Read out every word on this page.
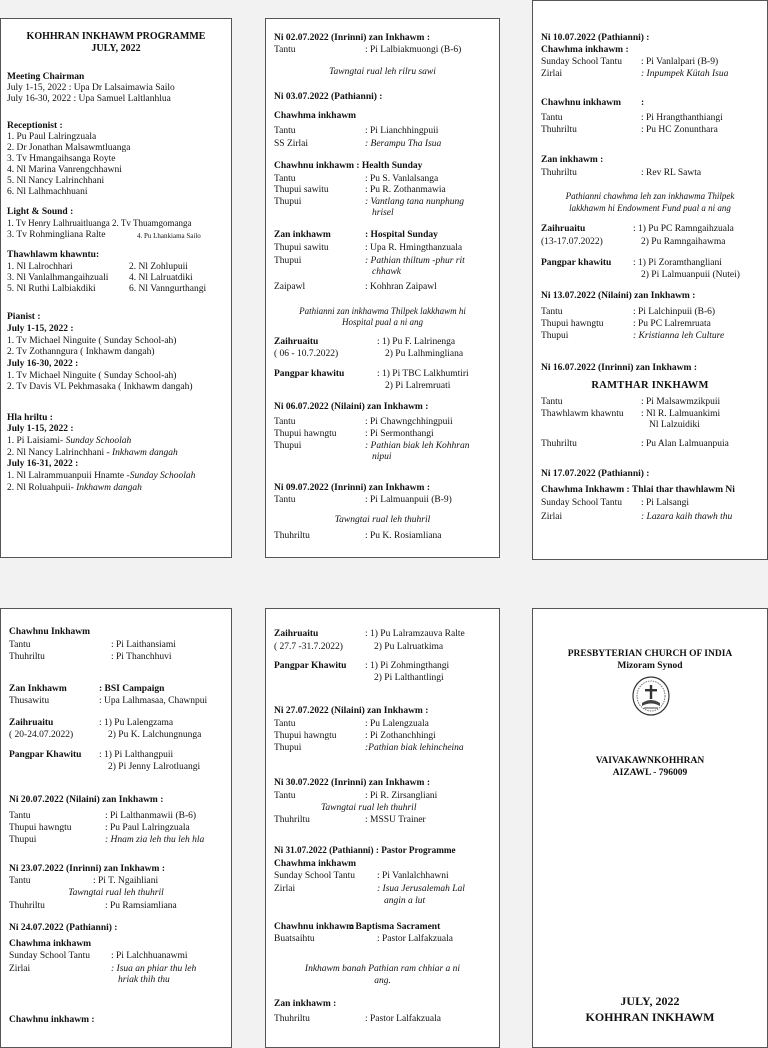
KOHHRAN INKHAWM PROGRAMME
JULY, 2022
Meeting Chairman
July 1-15, 2022 : Upa Dr Lalsaimawia Sailo
July 16-30, 2022 : Upa Samuel Laltlanhlua
Receptionist :
1. Pu Paul Lalringzuala
2. Dr Jonathan Malsawmtluanga
3. Tv Hmangaihsanga Royte
4. Nl Marina Vanrengchhawni
5. Nl Nancy Lalrinchhani
6. Nl Lalhmachhuani
Light & Sound :
1. Tv Henry Lalhruaitluanga 2. Tv Thuamgomanga
3. Tv Rohmingliana Ralte	4. Pu Lhankiama Sailo
Thawhlawm khawntu:
1. Nl Lalrochhari	2. Nl Zohlupuii
3. Nl Vanlalhmangaihzuali 4. Nl Lalruatdiki
5. Nl Ruthi Lalbiakdiki	6. Nl Vanngurthangi
Pianist :
July 1-15, 2022 :
1. Tv Michael Ninguite ( Sunday School-ah)
2. Tv Zothanngura ( Inkhawm dangah)
July 16-30, 2022 :
1. Tv Michael Ninguite ( Sunday School-ah)
2. Tv Davis VL Pekhmasaka ( Inkhawm dangah)
Hla hriltu :
July 1-15, 2022 :
1. Pi Laisiami- Sunday Schoolah
2. Nl Nancy Lalrinchhani - Inkhawm dangah
July 16-31, 2022 :
1. Nl Lalrammuanpuii Hnamte -Sunday Schoolah
2. Nl Roluahpuii- Inkhawm dangah
Ni 02.07.2022 (Inrinni) zan Inkhawm :
Tantu	: Pi Lalbiakmuongi (B-6)
Tawngtai rual leh rilru sawi
Ni 03.07.2022 (Pathianni) :
Chawhma inkhawm
Tantu	: Pi Lianchhingpuii
SS Zirlai	: Berampu Tha Isua
Chawhnu inkhawm : Health Sunday
Tantu	: Pu S. Vanlalsanga
Thupui sawitu	: Pu R. Zothanmawia
Thupui	: Vantlang tana nunphung
hrisel
Zan inkhawm	: Hospital Sunday
Thupui sawitu	: Upa R. Hmingthanzuala
Thupui	: Pathian thiltum -phur rit
chhawk
Zaipawl	: Kohhran Zaipawl
Pathianni zan inkhawma Thilpek lakkhawm hi
Hospital pual a ni ang
Zaihruaitu	: 1) Pu F. Lalrinenga
( 06 - 10.7.2022)	2) Pu Lalhmingliana
Pangpar khawitu	: 1) Pi TBC Lalkhumtiri
2) Pi Lalremruati
Ni 06.07.2022 (Nilaini) zan Inkhawm :
Tantu	: Pi Chawngchhingpuii
Thupui hawngtu	: Pi Sermonthangi
Thupui	: Pathian biak leh Kohhran
nipui
Ni 09.07.2022 (Inrinni) zan Inkhawm :
Tantu	: Pi Lalmuanpuii (B-9)
Tawngtai rual leh thuhril
Thuhriltu	: Pu K. Rosiamliana
Ni 10.07.2022 (Pathianni) :
Chawhma inkhawm :
Sunday School Tantu : Pi Vanlalpari (B-9)
Zirlai	: Inpumpek Kütah Isua
Chawhnu inkhawm :
Tantu	: Pi Hrangthanthiangi
Thuhriltu	: Pu HC Zonunthara
Zan inkhawm :
Thuhriltu	: Rev RL Sawta
Pathianni chawhma leh zan inkhawma Thilpek
lakkhawm hi Endowment Fund pual a ni ang
Zaihruaitu	: 1) Pu PC Ramngaihzuala
(13-17.07.2022)	2) Pu Ramngaihawma
Pangpar khawitu : 1) Pi Zoramthangliani
2) Pi Lalmuanpuii (Nutei)
Ni 13.07.2022 (Nilaini) zan Inkhawm :
Tantu	: Pi Lalchinpuii (B-6)
Thupui hawngtu	: Pu PC Lalremruata
Thupui	: Kristianna leh Culture
Ni 16.07.2022 (Inrinni) zan Inkhawm :
RAMTHAR INKHAWM
Tantu	: Pi Malsawmzikpuii
Thawhlawm khawntu : Nl R. Lalmuankimi
Nl Lalzuidiki
Thuhriltu	: Pu Alan Lalmuanpuia
Ni 17.07.2022 (Pathianni) :
Chawhma Inkhawm : Thlai thar thawhlawm Ni
Sunday School Tantu : Pi Lalsangi
Zirlai	: Lazara kaih thawh thu
Chawhnu Inkhawm
Tantu	: Pi Laithansiami
Thuhriltu	: Pi Thanchhuvi
Zan Inkhawm	: BSI Campaign
Thusawitu	: Upa Lalhmasaa, Chawnpui
Zaihruaitu	: 1) Pu Lalengzama
( 20-24.07.2022)	2) Pu K. Lalchungnunga
Pangpar Khawitu : 1) Pi Lalthangpuii
2) Pi Jenny Lalrotluangi
Ni 20.07.2022 (Nilaini) zan Inkhawm :
Tantu	: Pi Lalthanmawii (B-6)
Thupui hawngtu	: Pu Paul Lalringzuala
Thupui	: Hnam zia leh thu leh hla
Ni 23.07.2022 (Inrinni) zan Inkhawm :
Tantu	: Pi T. Ngaihliani
Tawngtai rual leh thuhril
Thuhriltu	: Pu Ramsiamliana
Ni 24.07.2022 (Pathianni) :
Chawhma inkhawm
Sunday School Tantu : Pi Lalchhuanawmi
Zirlai	: Isua an phiar thu leh
hriak thih thu
Chawhnu inkhawm :
Zaihruaitu	: 1) Pu Lalramzauva Ralte
( 27.7 -31.7.2022)	2) Pu Lalruatkima
Pangpar Khawitu : 1) Pi Zohmingthangi
2) Pi Lalthantlingi
Ni 27.07.2022 (Nilaini) zan Inkhawm :
Tantu	: Pu Lalengzuala
Thupui hawngtu	: Pi Zothanchhingi
Thupui	:Pathian biak lehincheina
Ni 30.07.2022 (Inrinni) zan Inkhawm :
Tantu	: Pi R. Zirsangliani
Tawngtai rual leh thuhril
Thuhriltu	: MSSU Trainer
Ni 31.07.2022 (Pathianni) : Pastor Programme
Chawhma inkhawm
Sunday School Tantu : Pi Vanlalchhawni
Zirlai	: Isua Jerusalemah Lal
angin a lut
Chawhnu inkhawm
: Baptisma Sacrament
Buatsaihtu	: Pastor Lalfakzuala
Inkhawm banah Pathian ram chhiar a ni
ang.
Zan inkhawm :
Thuhriltu	: Pastor Lalfakzuala
PRESBYTERIAN CHURCH OF INDIA
Mizoram Synod
VAIVAKAWNKOHHRAN
AIZAWL - 796009
JULY, 2022
KOHHRAN INKHAWM
